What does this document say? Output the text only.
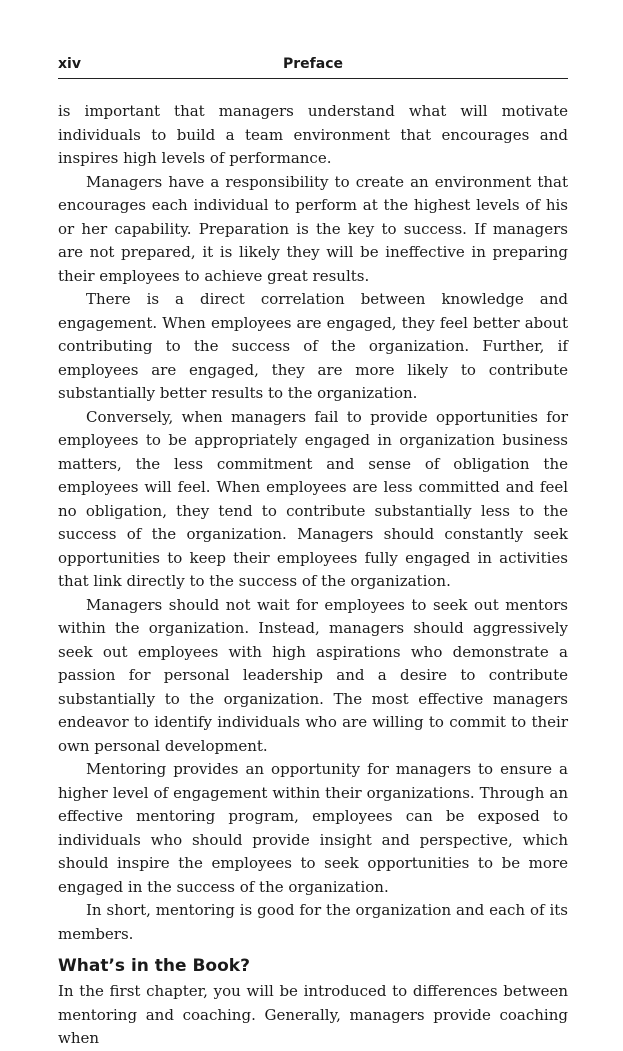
xiv	Preface

is important that managers understand what will motivate individuals to build a team environment that encourages and inspires high levels of performance.

Managers have a responsibility to create an environment that encourages each individual to perform at the highest levels of his or her capability. Preparation is the key to success. If managers are not prepared, it is likely they will be ineffective in preparing their employees to achieve great results.

There is a direct correlation between knowledge and engagement. When employees are engaged, they feel better about contributing to the success of the organization. Further, if employees are engaged, they are more likely to contribute substantially better results to the organization.

Conversely, when managers fail to provide opportunities for employees to be appropriately engaged in organization business matters, the less commitment and sense of obligation the employees will feel. When employees are less committed and feel no obligation, they tend to contribute substantially less to the success of the organization. Managers should constantly seek opportunities to keep their employees fully engaged in activities that link directly to the success of the organization.

Managers should not wait for employees to seek out mentors within the organization. Instead, managers should aggressively seek out employees with high aspirations who demonstrate a passion for personal leadership and a desire to contribute substantially to the organization. The most effective managers endeavor to identify individuals who are willing to commit to their own personal development.

Mentoring provides an opportunity for managers to ensure a higher level of engagement within their organizations. Through an effective mentoring program, employees can be exposed to individuals who should provide insight and perspective, which should inspire the employees to seek opportunities to be more engaged in the success of the organization.

In short, mentoring is good for the organization and each of its members.

What’s in the Book?

In the first chapter, you will be introduced to differences between mentoring and coaching. Generally, managers provide coaching when
